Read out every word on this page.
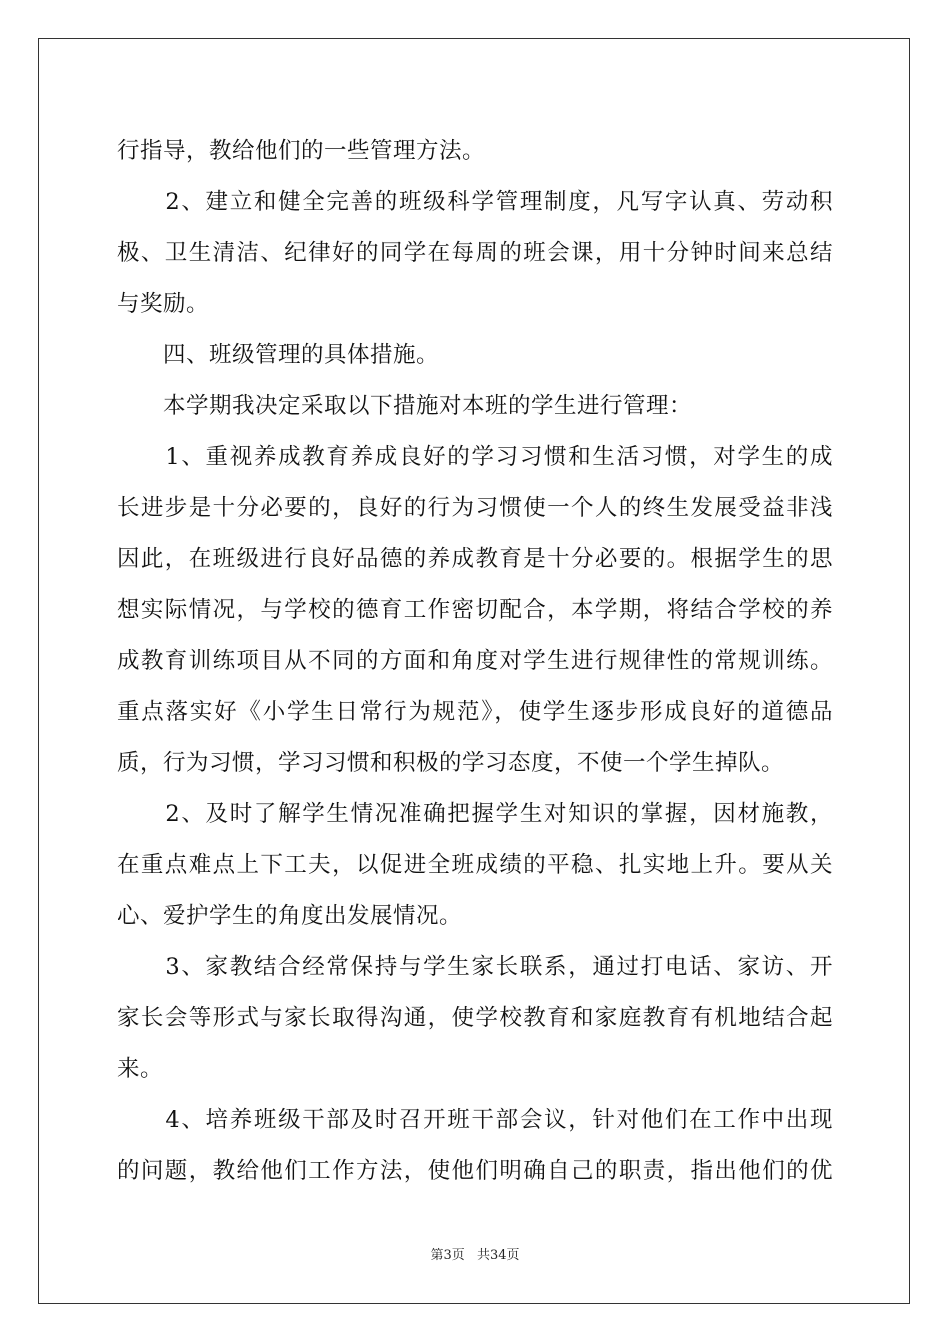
行指导，教给他们的一些管理方法。
　　2、建立和健全完善的班级科学管理制度，凡写字认真、劳动积
极、卫生清洁、纪律好的同学在每周的班会课，用十分钟时间来总结
与奖励。
　　四、班级管理的具体措施。
　　本学期我决定采取以下措施对本班的学生进行管理：
　　1、重视养成教育养成良好的学习习惯和生活习惯，对学生的成
长进步是十分必要的，良好的行为习惯使一个人的终生发展受益非浅
因此，在班级进行良好品德的养成教育是十分必要的。根据学生的思
想实际情况，与学校的德育工作密切配合，本学期，将结合学校的养
成教育训练项目从不同的方面和角度对学生进行规律性的常规训练。
重点落实好《小学生日常行为规范》，使学生逐步形成良好的道德品
质，行为习惯，学习习惯和积极的学习态度，不使一个学生掉队。
　　2、及时了解学生情况准确把握学生对知识的掌握，因材施教，
在重点难点上下工夫，以促进全班成绩的平稳、扎实地上升。要从关
心、爱护学生的角度出发展情况。
　　3、家教结合经常保持与学生家长联系，通过打电话、家访、开
家长会等形式与家长取得沟通，使学校教育和家庭教育有机地结合起
来。
　　4、培养班级干部及时召开班干部会议，针对他们在工作中出现
的问题，教给他们工作方法，使他们明确自己的职责，指出他们的优
第3页 共34页
